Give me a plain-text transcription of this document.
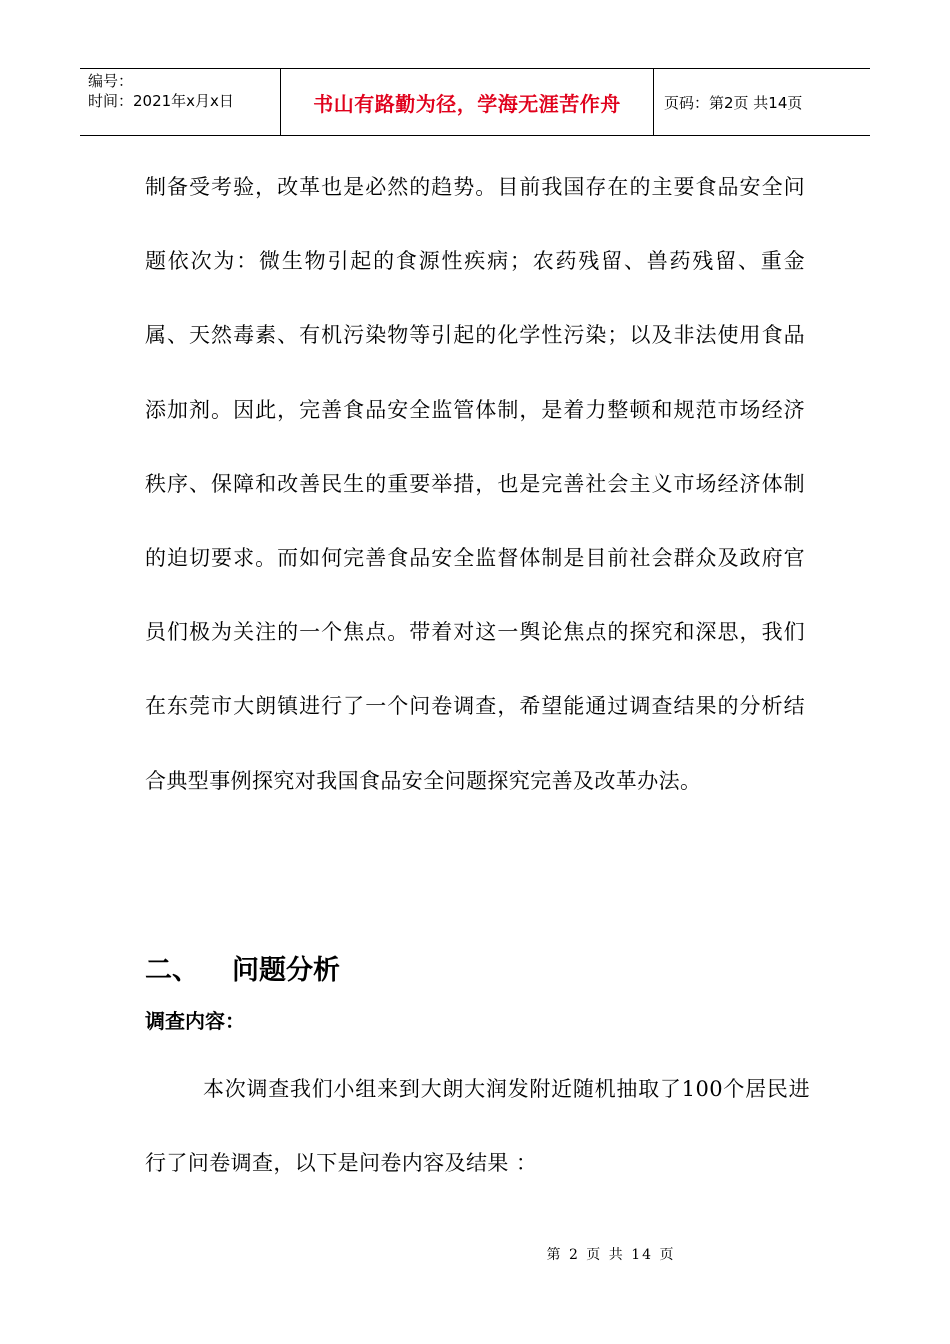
编号：
时间：2021年x月x日	书山有路勤为径，学海无涯苦作舟	页码：第2页 共14页

制备受考验，改革也是必然的趋势。目前我国存在的主要食品安全问题依次为：微生物引起的食源性疾病；农药残留、兽药残留、重金属、天然毒素、有机污染物等引起的化学性污染；以及非法使用食品添加剂。因此，完善食品安全监管体制，是着力整顿和规范市场经济秩序、保障和改善民生的重要举措，也是完善社会主义市场经济体制的迫切要求。而如何完善食品安全监督体制是目前社会群众及政府官员们极为关注的一个焦点。带着对这一舆论焦点的探究和深思，我们在东莞市大朗镇进行了一个问卷调查，希望能通过调查结果的分析结合典型事例探究对我国食品安全问题探究完善及改革办法。

二、	问题分析
调查内容：

本次调查我们小组来到大朗大润发附近随机抽取了100个居民进行了问卷调查，以下是问卷内容及结果 ：

第 2 页 共 14 页
